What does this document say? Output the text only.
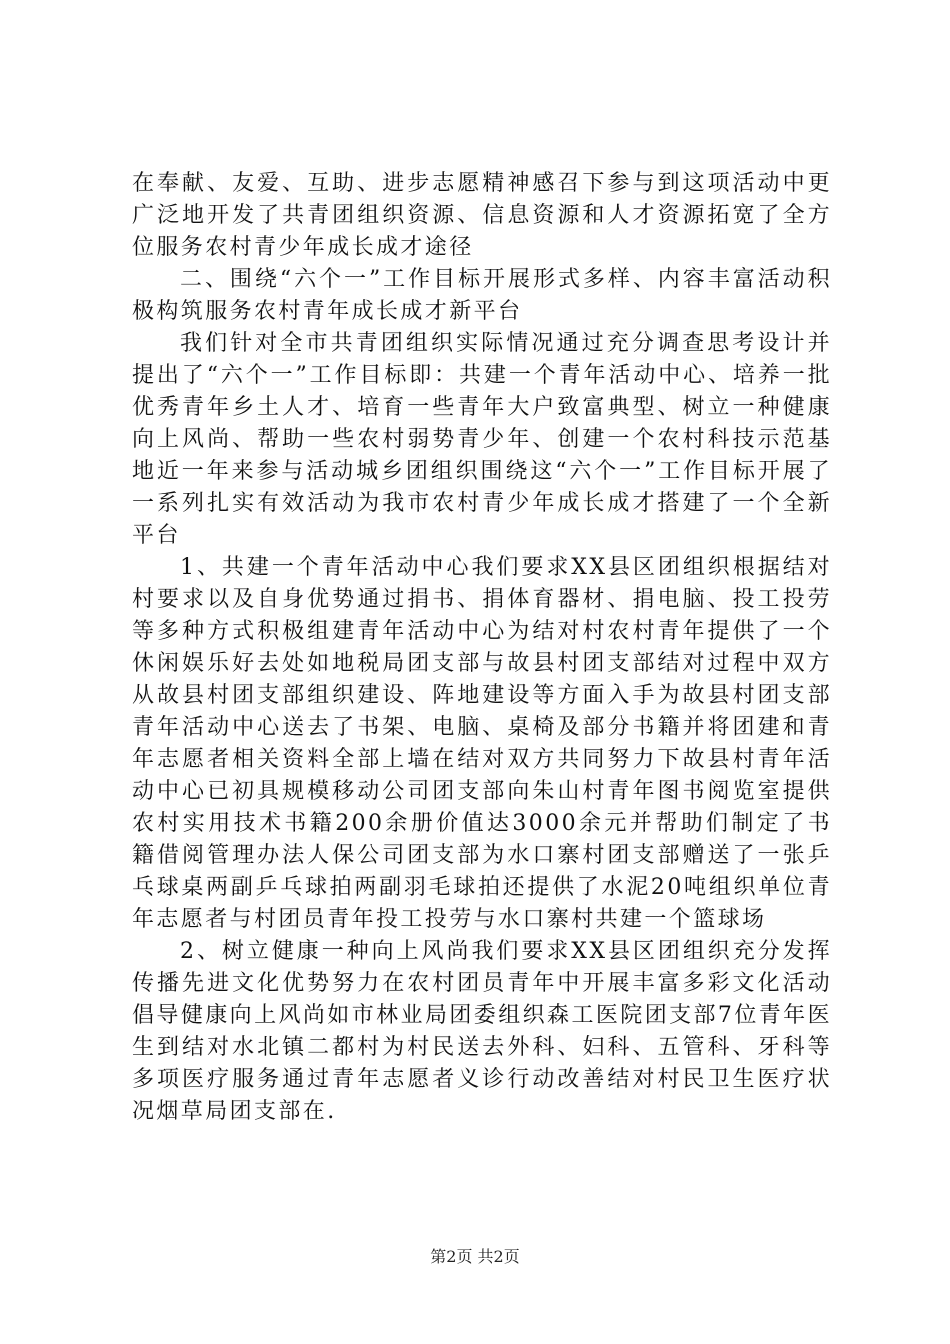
在奉献、友爱、互助、进步志愿精神感召下参与到这项活动中更广泛地开发了共青团组织资源、信息资源和人才资源拓宽了全方位服务农村青少年成长成才途径

二、围绕“六个一”工作目标开展形式多样、内容丰富活动积极构筑服务农村青年成长成才新平台

我们针对全市共青团组织实际情况通过充分调查思考设计并提出了“六个一”工作目标即：共建一个青年活动中心、培养一批优秀青年乡土人才、培育一些青年大户致富典型、树立一种健康向上风尚、帮助一些农村弱势青少年、创建一个农村科技示范基地近一年来参与活动城乡团组织围绕这“六个一”工作目标开展了一系列扎实有效活动为我市农村青少年成长成才搭建了一个全新平台

1、共建一个青年活动中心我们要求XX县区团组织根据结对村要求以及自身优势通过捐书、捐体育器材、捐电脑、投工投劳等多种方式积极组建青年活动中心为结对村农村青年提供了一个休闲娱乐好去处如地税局团支部与故县村团支部结对过程中双方从故县村团支部组织建设、阵地建设等方面入手为故县村团支部青年活动中心送去了书架、电脑、桌椅及部分书籍并将团建和青年志愿者相关资料全部上墙在结对双方共同努力下故县村青年活动中心已初具规模移动公司团支部向朱山村青年图书阅览室提供农村实用技术书籍200余册价值达3000余元并帮助们制定了书籍借阅管理办法人保公司团支部为水口寨村团支部赠送了一张乒乓球桌两副乒乓球拍两副羽毛球拍还提供了水泥20吨组织单位青年志愿者与村团员青年投工投劳与水口寨村共建一个篮球场

2、树立健康一种向上风尚我们要求XX县区团组织充分发挥传播先进文化优势努力在农村团员青年中开展丰富多彩文化活动倡导健康向上风尚如市林业局团委组织森工医院团支部7位青年医生到结对水北镇二都村为村民送去外科、妇科、五管科、牙科等多项医疗服务通过青年志愿者义诊行动改善结对村民卫生医疗状况烟草局团支部在.

第2页 共2页
